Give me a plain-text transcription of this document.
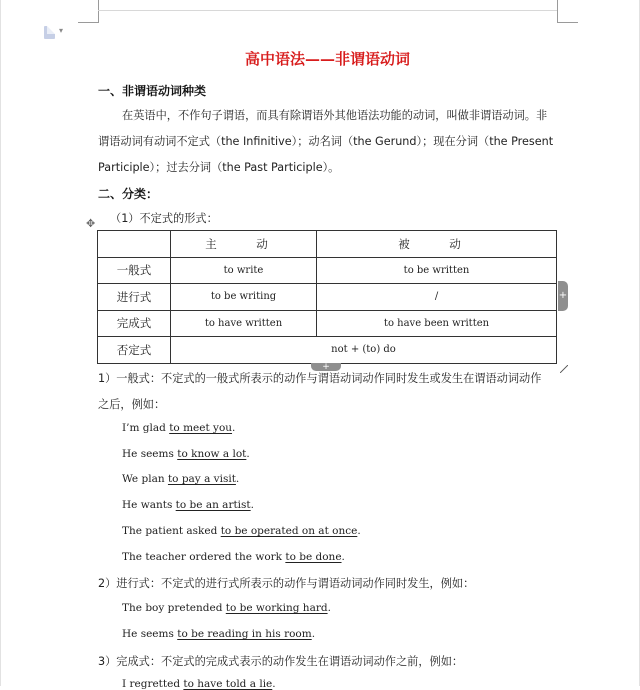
▾
高中语法——非谓语动词
一、非谓语动词种类
在英语中，不作句子谓语，而具有除谓语外其他语法功能的动词，叫做非谓语动词。非
谓语动词有动词不定式（the Infinitive）；动名词（the Gerund）；现在分词（the Present
Participle）；过去分词（the Past Participle）。
二、分类：
（1）不定式的形式：
✥
	主　动	被　动
一般式	to write	to be written
进行式	to be writing	/
完成式	to have written	to have been written
否定式	not + (to) do	
+
+
1）一般式：不定式的一般式所表示的动作与谓语动词动作同时发生或发生在谓语动词动作
之后，例如：
I’m glad to meet you.
He seems to know a lot.
We plan to pay a visit.
He wants to be an artist.
The patient asked to be operated on at once.
The teacher ordered the work to be done.
2）进行式：不定式的进行式所表示的动作与谓语动词动作同时发生，例如：
The boy pretended to be working hard.
He seems to be reading in his room.
3）完成式：不定式的完成式表示的动作发生在谓语动词动作之前，例如：
I regretted to have told a lie.
